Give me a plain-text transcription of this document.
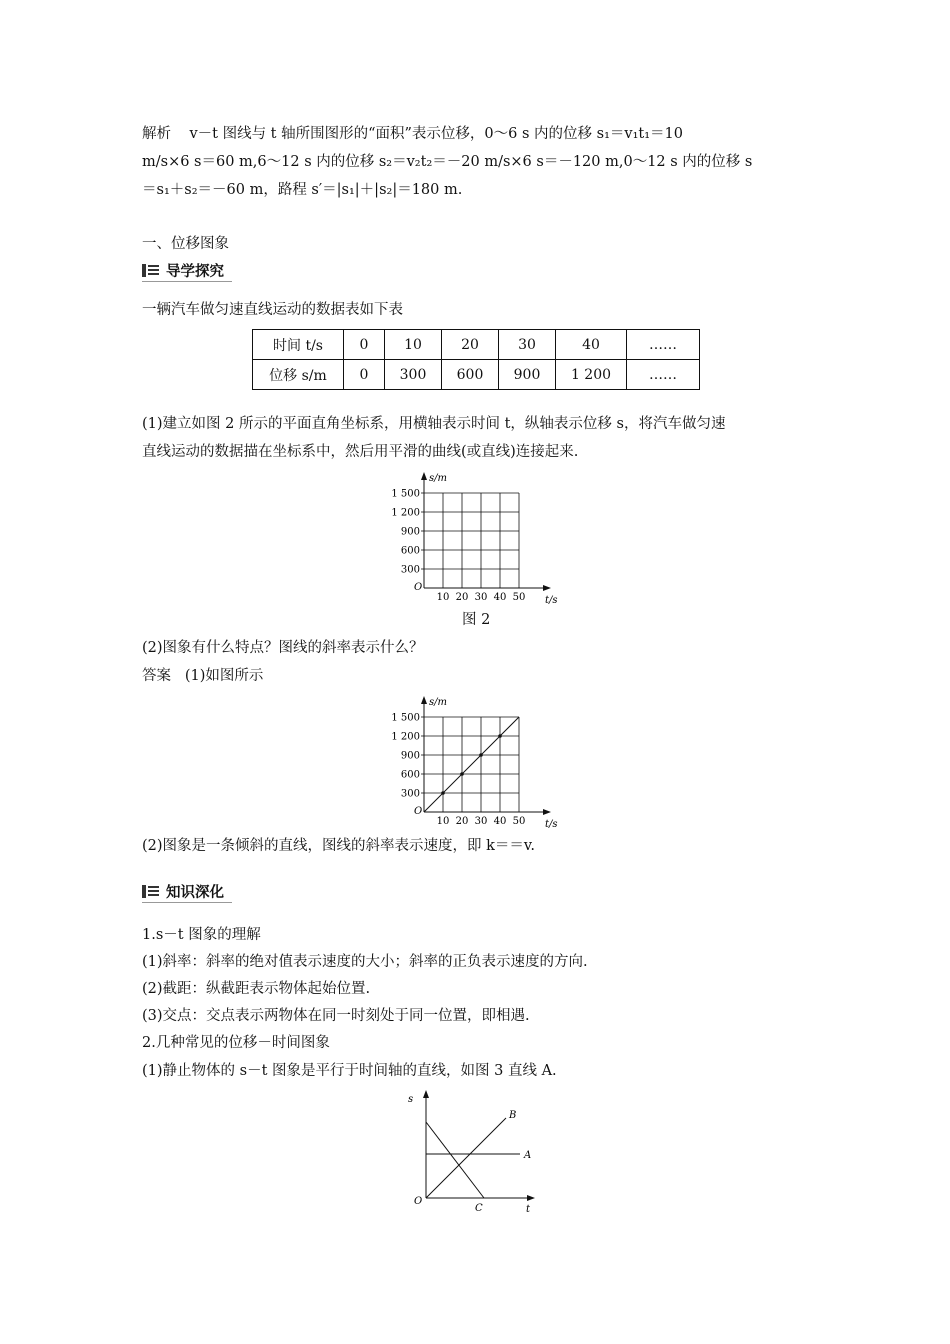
解析 v－t 图线与 t 轴所围图形的“面积”表示位移，0～6 s 内的位移 s₁＝v₁t₁＝10
m/s×6 s＝60 m,6～12 s 内的位移 s₂＝v₂t₂＝－20 m/s×6 s＝－120 m,0～12 s 内的位移 s
＝s₁＋s₂＝－60 m，路程 s′＝|s₁|＋|s₂|＝180 m.
一、位移图象
导学探究
一辆汽车做匀速直线运动的数据表如下表
时间 t/s	0	10	20	30	40	……
位移 s/m	0	300	600	900	1 200	……
(1)建立如图 2 所示的平面直角坐标系，用横轴表示时间 t，纵轴表示位移 s，将汽车做匀速
直线运动的数据描在坐标系中，然后用平滑的曲线(或直线)连接起来.
300
10
600
20
900
30
1 200
40
1 500
50
s/m
t/s
O
图 2
(2)图象有什么特点？图线的斜率表示什么？
答案 (1)如图所示
300
10
600
20
900
30
1 200
40
1 500
50
s/m
t/s
O
(2)图象是一条倾斜的直线，图线的斜率表示速度，即 k＝＝v.
知识深化
1.s－t 图象的理解
(1)斜率：斜率的绝对值表示速度的大小；斜率的正负表示速度的方向.
(2)截距：纵截距表示物体起始位置.
(3)交点：交点表示两物体在同一时刻处于同一位置，即相遇.
2.几种常见的位移－时间图象
(1)静止物体的 s－t 图象是平行于时间轴的直线，如图 3 直线 A.
s
O
t
A
B
C
